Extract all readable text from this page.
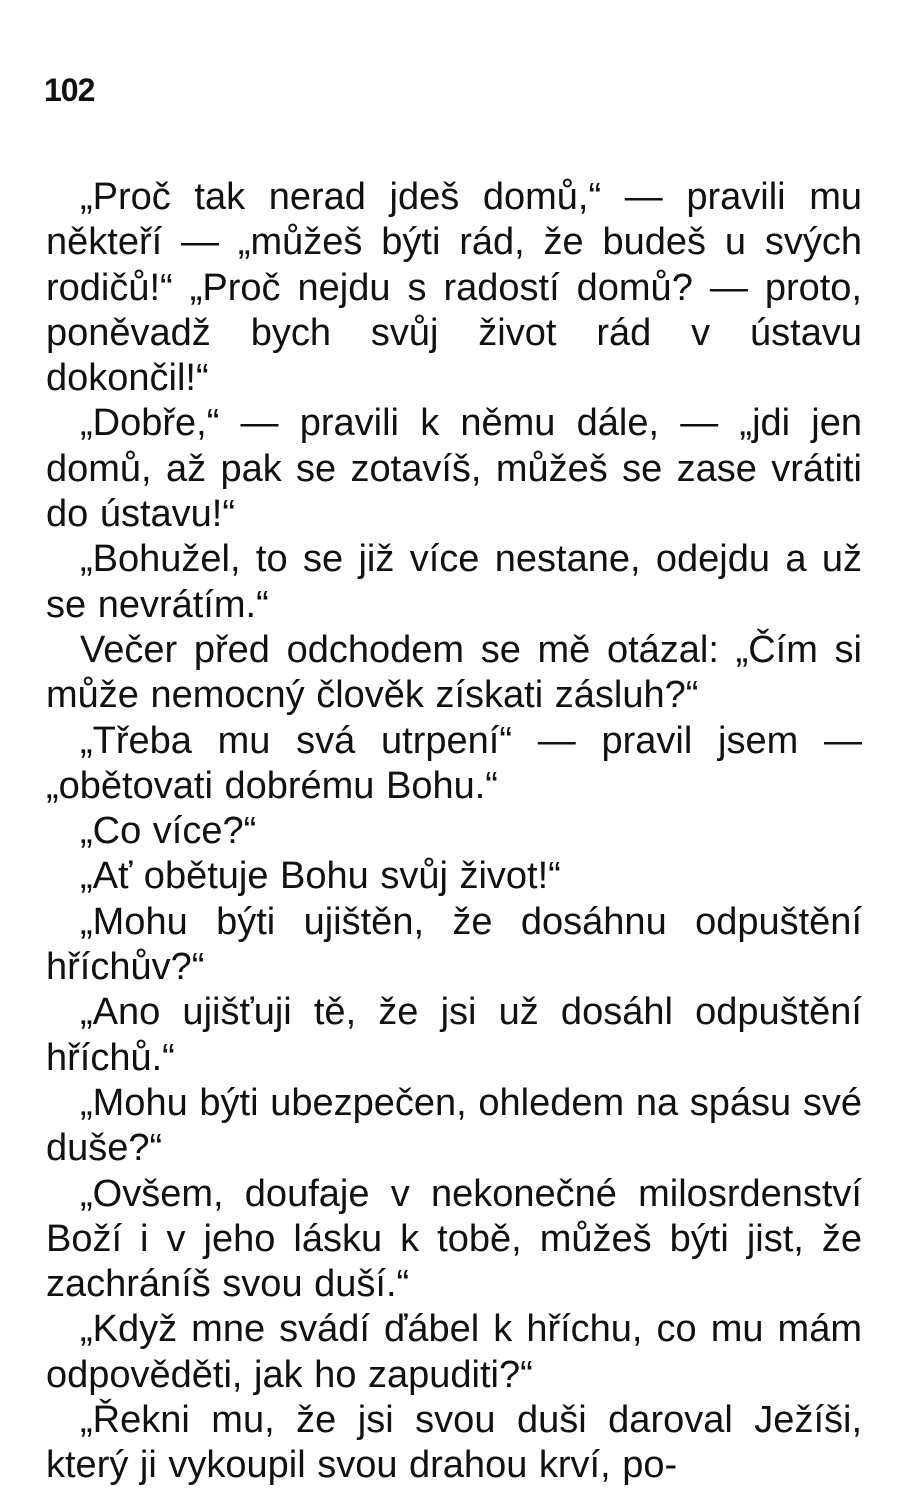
102

„Proč tak nerad jdeš domů,“ — pravili mu někteří — „můžeš býti rád, že budeš u svých rodičů!“ „Proč nejdu s radostí domů? — proto, poněvadž bych svůj život rád v ústavu dokončil!“

„Dobře,“ — pravili k němu dále, — „jdi jen domů, až pak se zotavíš, můžeš se zase vrátiti do ústavu!“

„Bohužel, to se již více nestane, odejdu a už se nevrátím.“

Večer před odchodem se mě otázal: „Čím si může nemocný člověk získati zásluh?“

„Třeba mu svá utrpení“ — pravil jsem — „obětovati dobrému Bohu.“

„Co více?“

„Ať obětuje Bohu svůj život!“

„Mohu býti ujištěn, že dosáhnu odpuštění hříchův?“

„Ano ujišťuji tě, že jsi už dosáhl odpuštění hříchů.“

„Mohu býti ubezpečen, ohledem na spásu své duše?“

„Ovšem, doufaje v nekonečné milosrdenství Boží i v jeho lásku k tobě, můžeš býti jist, že zachráníš svou duší.“

„Když mne svádí ďábel k hříchu, co mu mám odpověděti, jak ho zapuditi?“

„Řekni mu, že jsi svou duši daroval Ježíši, který ji vykoupil svou drahou krví, po-
